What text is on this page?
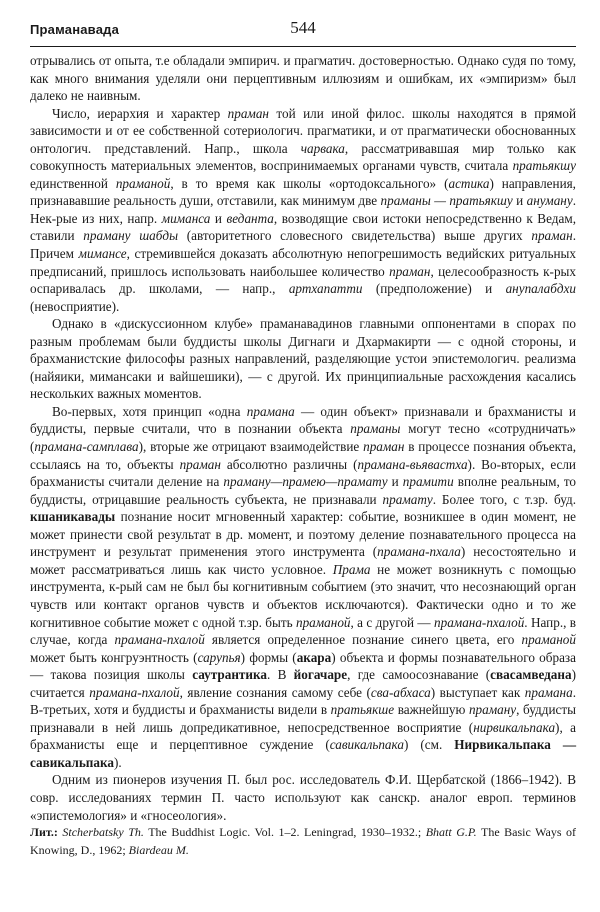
Праманавада	544

отрывались от опыта, т.е обладали эмпирич. и прагматич. достоверностью. Однако судя по тому, как много внимания уделяли они перцептивным иллюзиям и ошибкам, их «эмпиризм» был далеко не наивным.

Число, иерархия и характер праман той или иной филос. школы находятся в прямой зависимости и от ее собственной сотериологич. прагматики, и от прагматически обоснованных онтологич. представлений. Напр., школа чарвака, рассматривавшая мир только как совокупность материальных элементов, воспринимаемых органами чувств, считала пратьякшу единственной праманой, в то время как школы «ортодоксального» (астика) направления, признававшие реальность души, отставили, как минимум две праманы — пратьякшу и ануману. Нек-рые из них, напр. миманса и веданта, возводящие свои истоки непосредственно к Ведам, ставили праману шабды (авторитетного словесного свидетельства) выше других праман. Причем мимансе, стремившейся доказать абсолютную непогрешимость ведийских ритуальных предписаний, пришлось использовать наибольшее количество праман, целесообразность к-рых оспаривалась др. школами, — напр., артхапатти (предположение) и анупалабдхи (невосприятие).

Однако в «дискуссионном клубе» праманавадинов главными оппонентами в спорах по разным проблемам были буддисты школы Дигнаги и Дхармакирти — с одной стороны, и брахманистские философы разных направлений, разделяющие устои эпистемологич. реализма (найяики, мимансаки и вайшешики), — с другой. Их принципиальные расхождения касались нескольких важных моментов.

Во-первых, хотя принцип «одна прамана — один объект» признавали и брахманисты и буддисты, первые считали, что в познании объекта праманы могут тесно «сотрудничать» (прамана-самплава), вторые же отрицают взаимодействие праман в процессе познания объекта, ссылаясь на то, объекты праман абсолютно различны (прамана-вьявастха). Во-вторых, если брахманисты считали деление на праману—прамею—праматy и прамити вполне реальным, то буддисты, отрицавшие реальность субъекта, не признавали праматy. Более того, с т.зр. буд. кшаникавады познание носит мгновенный характер: событие, возникшее в один момент, не может принести свой результат в др. момент, и поэтому деление познавательного процесса на инструмент и результат применения этого инструмента (прамана-пхала) несостоятельно и может рассматриваться лишь как чисто условное. Прама не может возникнуть с помощью инструмента, к-рый сам не был бы когнитивным событием (это значит, что несознающий орган чувств или контакт органов чувств и объектов исключаются). Фактически одно и то же когнитивное событие может с одной т.зр. быть праманой, а с другой — прамана-пхалой. Напр., в случае, когда прамана-пхалой является определенное познание синего цвета, его праманой может быть конгруэнтность (сарупья) формы (акара) объекта и формы познавательного образа — такова позиция школы саутрантика. В йогачаре, где самоосознавание (свасамведана) считается прамана-пхалой, явление сознания самому себе (сва-абхаса) выступает как прамана. В-третьих, хотя и буддисты и брахманисты видели в пратьякше важнейшую праману, буддисты признавали в ней лишь допредикативное, непосредственное восприятие (нирвикальпака), а брахманисты еще и перцептивное суждение (савикальпака) (см. Нирвикальпака — савикальпака).

Одним из пионеров изучения П. был рос. исследователь Ф.И. Щербатской (1866–1942). В совр. исследованиях термин П. часто используют как санскр. аналог европ. терминов «эпистемология» и «гносеология».

Лит.: Stcherbatsky Th. The Buddhist Logic. Vol. 1–2. Leningrad, 1930–1932.; Bhatt G.P. The Basic Ways of Knowing, D., 1962; Biardeau M.
